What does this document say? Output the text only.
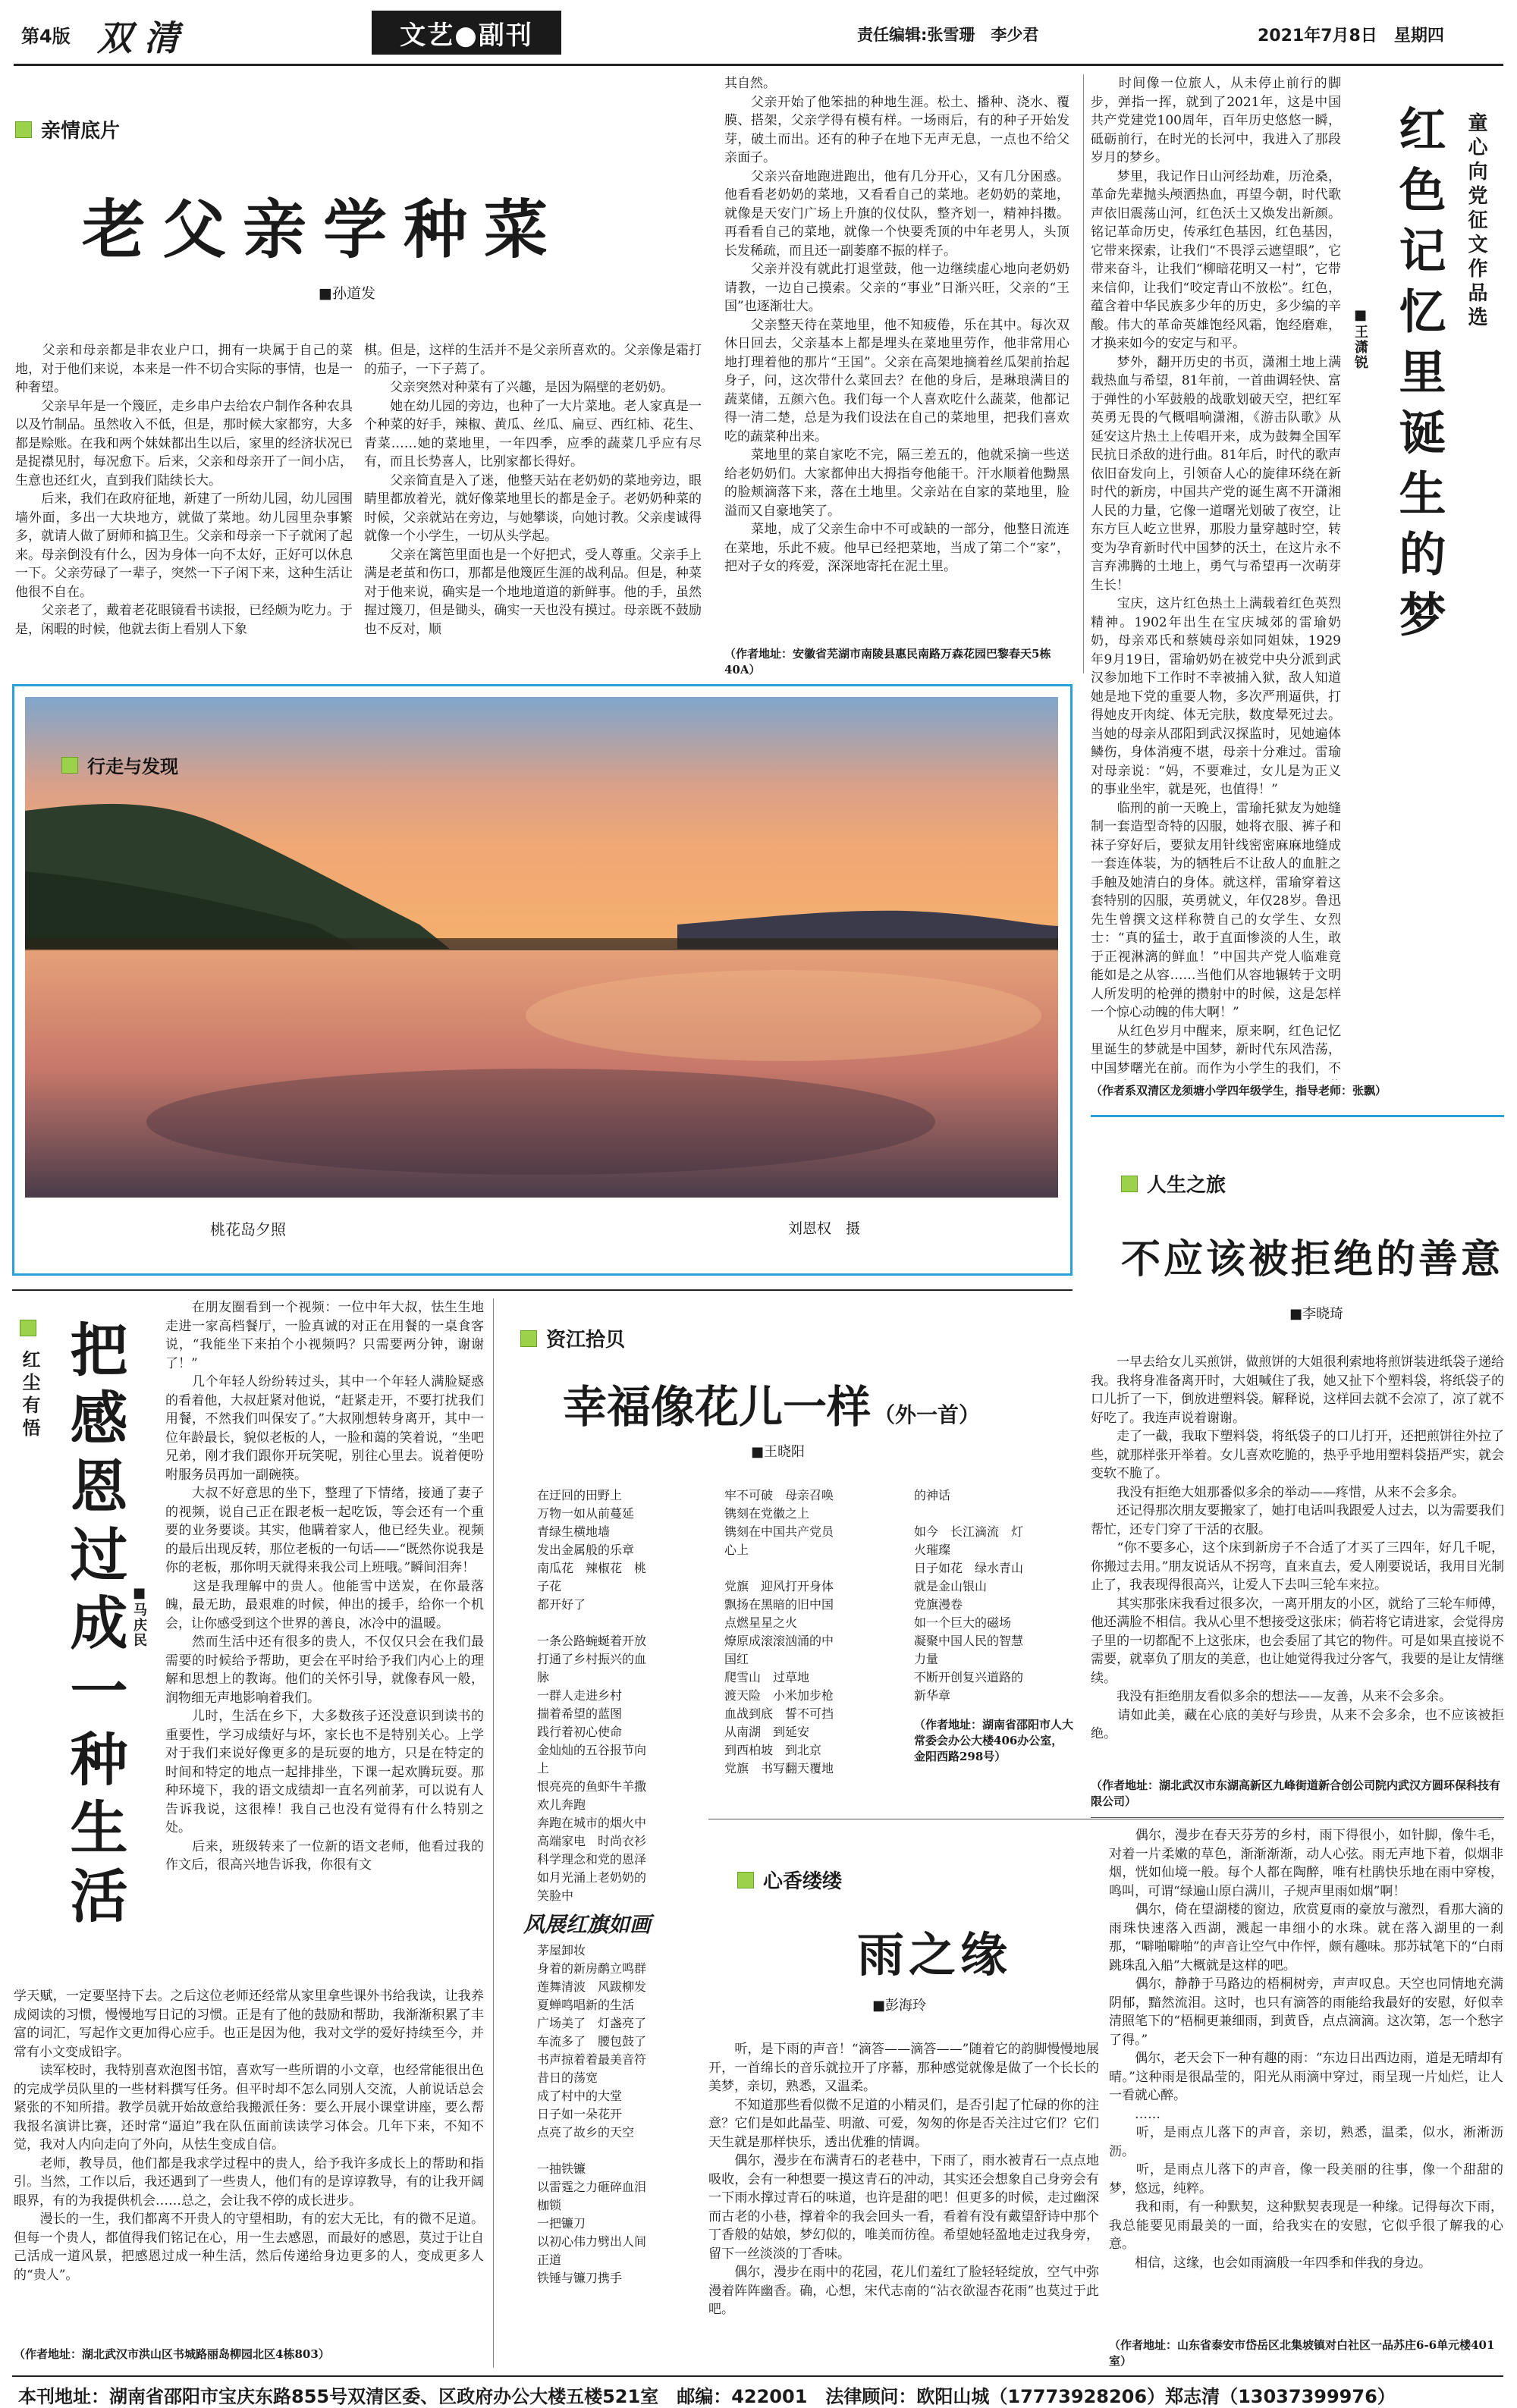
第4版 双 清	文艺●副刊	责任编辑:张雪珊　李少君	2021年7月8日　星期四
亲情底片
老父亲学种菜
■孙道发
　　父亲和母亲都是非农业户口，拥有一块属于自己的菜地，对于他们来说，本来是一件不切合实际的事情，也是一种奢望。
　　父亲早年是一个篾匠，走乡串户去给农户制作各种农具以及竹制品。虽然收入不低，但是，那时候大家都穷，大多都是赊账。在我和两个妹妹都出生以后，家里的经济状况已是捉襟见肘，每况愈下。后来，父亲和母亲开了一间小店，生意也还红火，直到我们陆续长大。
　　后来，我们在政府征地，新建了一所幼儿园，幼儿园围墙外面，多出一大块地方，就做了菜地。幼儿园里杂事繁多，就请人做了厨师和搞卫生。父亲和母亲一下子就闲了起来。母亲倒没有什么，因为身体一向不太好，正好可以休息一下。父亲劳碌了一辈子，突然一下子闲下来，这种生活让他很不自在。
　　父亲老了，戴着老花眼镜看书读报，已经颇为吃力。于是，闲暇的时候，他就去街上看别人下象
棋。但是，这样的生活并不是父亲所喜欢的。父亲像是霜打的茄子，一下子蔫了。
　　父亲突然对种菜有了兴趣，是因为隔壁的老奶奶。
　　她在幼儿园的旁边，也种了一大片菜地。老人家真是一个种菜的好手，辣椒、黄瓜、丝瓜、扁豆、西红柿、花生、青菜……她的菜地里，一年四季，应季的蔬菜几乎应有尽有，而且长势喜人，比别家都长得好。
　　父亲简直是入了迷，他整天站在老奶奶的菜地旁边，眼睛里都放着光，就好像菜地里长的都是金子。老奶奶种菜的时候，父亲就站在旁边，与她攀谈，向她讨教。父亲虔诚得就像一个小学生，一切从头学起。
　　父亲在篱笆里面也是一个好把式，受人尊重。父亲手上满是老茧和伤口，那都是他篾匠生涯的战利品。但是，种菜对于他来说，确实是一个地地道道的新鲜事。他的手，虽然握过篾刀，但是锄头，确实一天也没有摸过。母亲既不鼓励也不反对，顺
其自然。
　　父亲开始了他笨拙的种地生涯。松土、播种、浇水、覆膜、搭架，父亲学得有模有样。一场雨后，有的种子开始发芽，破土而出。还有的种子在地下无声无息，一点也不给父亲面子。
　　父亲兴奋地跑进跑出，他有几分开心，又有几分困惑。他看看老奶奶的菜地，又看看自己的菜地。老奶奶的菜地，就像是天安门广场上升旗的仪仗队，整齐划一，精神抖擞。再看看自己的菜地，就像一个快要秃顶的中年老男人，头顶长发稀疏，而且还一副萎靡不振的样子。
　　父亲并没有就此打退堂鼓，他一边继续虚心地向老奶奶请教，一边自己摸索。父亲的“事业”日渐兴旺，父亲的“王国”也逐渐壮大。
　　父亲整天待在菜地里，他不知疲倦，乐在其中。每次双休日回去，父亲基本上都是埋头在菜地里劳作，他非常用心地打理着他的那片“王国”。父亲在高架地摘着丝瓜架前抬起身子，问，这次带什么菜回去？在他的身后，是琳琅满目的蔬菜储，五颜六色。我们每一个人喜欢吃什么蔬菜，他都记得一清二楚，总是为我们设法在自己的菜地里，把我们喜欢吃的蔬菜种出来。
　　菜地里的菜自家吃不完，隔三差五的，他就采摘一些送给老奶奶们。大家都伸出大拇指夸他能干。汗水顺着他黝黑的脸颊滴落下来，落在土地里。父亲站在自家的菜地里，脸溢而又自豪地笑了。
　　菜地，成了父亲生命中不可或缺的一部分，他整日流连在菜地，乐此不疲。他早已经把菜地，当成了第二个“家”，把对子女的疼爱，深深地寄托在泥土里。
（作者地址：安徽省芜湖市南陵县惠民南路万森花园巴黎春天5栋40A）
行走与发现
桃花岛夕照	刘恩权　摄
童心向党征文作品选
红色记忆里诞生的梦
■王潇锐
　　时间像一位旅人，从未停止前行的脚步，弹指一挥，就到了2021年，这是中国共产党建党100周年，百年历史悠悠一瞬，砥砺前行，在时光的长河中，我进入了那段岁月的梦乡。
　　梦里，我记作日山河经劫难，历沧桑，革命先辈抛头颅洒热血，再望今朝，时代歌声依旧震荡山河，红色沃土又焕发出新颜。铭记革命历史，传承红色基因，红色基因，它带来探索，让我们“不畏浮云遮望眼”，它带来奋斗，让我们“柳暗花明又一村”，它带来信仰，让我们“咬定青山不放松”。红色，蕴含着中华民族多少年的历史，多少编的辛酸。伟大的革命英雄饱经风霜，饱经磨难，才换来如今的安定与和平。
　　梦外，翻开历史的书页，潇湘土地上满载热血与希望，81年前，一首曲调轻快、富于弹性的小军鼓般的战歌划破天空，把红军英勇无畏的气概唱响潇湘，《游击队歌》从延安这片热土上传唱开来，成为鼓舞全国军民抗日杀敌的进行曲。81年后，时代的歌声依旧奋发向上，引领奋人心的旋律环绕在新时代的新房，中国共产党的诞生离不开潇湘人民的力量，它像一道曙光划破了夜空，让东方巨人屹立世界，那股力量穿越时空，转变为孕育新时代中国梦的沃土，在这片永不言弃沸腾的土地上，勇气与希望再一次萌芽生长！
　　宝庆，这片红色热土上满载着红色英烈精神。1902年出生在宝庆城郊的雷瑜奶奶，母亲邓氏和蔡姨母亲如同姐妹，1929年9月19日，雷瑜奶奶在被党中央分派到武汉参加地下工作时不幸被捕入狱，敌人知道她是地下党的重要人物，多次严刑逼供，打得她皮开肉绽、体无完肤，数度晕死过去。当她的母亲从邵阳到武汉探监时，见她遍体鳞伤，身体消瘦不堪，母亲十分难过。雷瑜对母亲说：“妈，不要难过，女儿是为正义的事业坐牢，就是死，也值得！”
　　临刑的前一天晚上，雷瑜托狱友为她缝制一套造型奇特的囚服，她将衣服、裤子和袜子穿好后，要狱友用针线密密麻麻地缝成一套连体装，为的牺牲后不让敌人的血脏之手触及她清白的身体。就这样，雷瑜穿着这套特别的囚服，英勇就义，年仅28岁。鲁迅先生曾撰文这样称赞自己的女学生、女烈士：“真的猛士，敢于直面惨淡的人生，敢于正视淋漓的鲜血！”中国共产党人临难竟能如是之从容……当他们从容地辗转于文明人所发明的枪弹的攒射中的时候，这是怎样一个惊心动魄的伟大啊！”
　　从红色岁月中醒来，原来啊，红色记忆里诞生的梦就是中国梦，新时代东风浩荡，中国梦曙光在前。而作为小学生的我们，不
（作者系双清区龙须塘小学四年级学生，指导老师：张飘）
人生之旅
不应该被拒绝的善意
■李晓琦
　　一早去给女儿买煎饼，做煎饼的大姐很利索地将煎饼装进纸袋子递给我。我将身准备离开时，大姐喊住了我，她又扯下个塑料袋，将纸袋子的口儿折了一下，倒放进塑料袋。解释说，这样回去就不会凉了，凉了就不好吃了。我连声说着谢谢。
　　走了一截，我取下塑料袋，将纸袋子的口儿打开，还把煎饼往外拉了些，就那样张开举着。女儿喜欢吃脆的，热乎乎地用塑料袋捂严实，就会变软不脆了。
　　我没有拒绝大姐那番似多余的举动——疼惜，从来不会多余。
　　还记得那次朋友要搬家了，她打电话叫我跟爱人过去，以为需要我们帮忙，还专门穿了干活的衣服。
　　“你不要多心，这个床到新房子不合适了才买了三四年，好几千呢，你搬过去用。”朋友说话从不拐弯，直来直去，爱人刚要说话，我用目光制止了，我表现得很高兴，让爱人下去叫三轮车来拉。
　　其实那张床我看过很多次，一离开朋友的小区，就给了三轮车师傅，他还满脸不相信。我从心里不想接受这张床；倘若将它请进家，会觉得房子里的一切都配不上这张床，也会委屈了其它的物件。可是如果直接说不需要，就辜负了朋友的美意，也让她觉得我过分客气，我要的是让友情继续。
　　我没有拒绝朋友看似多余的想法——友善，从来不会多余。
　　请如此美，藏在心底的美好与珍贵，从来不会多余，也不应该被拒绝。
（作者地址：湖北武汉市东湖高新区九峰街道新合创公司院内武汉方圆环保科技有限公司）
红尘有悟 把感恩过成一种生活 ■马庆民
　　在朋友圈看到一个视频：一位中年大叔，怯生生地走进一家高档餐厅，一脸真诚的对正在用餐的一桌食客说，“我能坐下来拍个小视频吗？只需要两分钟，谢谢了！”
　　几个年轻人纷纷转过头，其中一个年轻人满脸疑惑的看着他，大叔赶紧对他说，“赶紧走开，不要打扰我们用餐，不然我们叫保安了。”大叔刚想转身离开，其中一位年龄最长，貌似老板的人，一脸和蔼的笑着说，“坐吧兄弟，刚才我们跟你开玩笑呢，别往心里去。说着便吩咐服务员再加一副碗筷。
　　大叔不好意思的坐下，整理了下情绪，接通了妻子的视频，说自己正在跟老板一起吃饭，等会还有一个重要的业务要谈。其实，他瞒着家人，他已经失业。视频的最后出现反转，那位老板的一句话——“既然你说我是你的老板，那你明天就得来我公司上班哦。”瞬间泪奔！
　　这是我理解中的贵人。他能雪中送炭，在你最落魄，最无助，最艰难的时候，伸出的援手，给你一个机会，让你感受到这个世界的善良，冰冷中的温暖。
　　然而生活中还有很多的贵人，不仅仅只会在我们最需要的时候给予帮助，更会在平时给予我们内心上的理解和思想上的教诲。他们的关怀引导，就像春风一般，润物细无声地影响着我们。
　　儿时，生活在乡下，大多数孩子还没意识到读书的重要性，学习成绩好与坏，家长也不是特别关心。上学对于我们来说好像更多的是玩耍的地方，只是在特定的时间和特定的地点一起排排坐，下课一起欢腾玩耍。那种环境下，我的语文成绩却一直名列前茅，可以说有人告诉我说，这很棒！我自己也没有觉得有什么特别之处。
　　后来，班级转来了一位新的语文老师，他看过我的作文后，很高兴地告诉我，你很有文
学天赋，一定要坚持下去。之后这位老师还经常从家里拿些课外书给我读，让我养成阅读的习惯，慢慢地写日记的习惯。正是有了他的鼓励和帮助，我渐渐积累了丰富的词汇，写起作文更加得心应手。也正是因为他，我对文学的爱好持续至今，并常有小文变成铅字。
　　读军校时，我特别喜欢泡图书馆，喜欢写一些所谓的小文章，也经常能很出色的完成学员队里的一些材料撰写任务。但平时却不怎么同别人交流，人前说话总会紧张的不知所措。教学员就开始故意给我搬派任务：要么开展小课堂讲座，要么帮我报名演讲比赛，还时常“逼迫”我在队伍面前读读学习体会。几年下来，不知不觉，我对人内向走向了外向，从怯生变成自信。
　　老师，教导员，他们都是我求学过程中的贵人，给予我许多成长上的帮助和指引。当然，工作以后，我还遇到了一些贵人，他们有的是谆谆教导，有的让我开阔眼界，有的为我提供机会……总之，会让我不停的成长进步。
　　漫长的一生，我们都离不开贵人的守望相助，有的宏大无比，有的微不足道。但每一个贵人，都值得我们铭记在心，用一生去感恩，而最好的感恩，莫过于让自己活成一道风景，把感恩过成一种生活，然后传递给身边更多的人，变成更多人的“贵人”。
（作者地址：湖北武汉市洪山区书城路丽岛柳园北区4栋803）
资江拾贝
幸福像花儿一样 （外一首）
■王晓阳
在迂回的田野上
万物一如从前蔓延
青绿生横地墙
发出金属般的乐章
南瓜花　辣椒花　桃
子花
都开好了

一条公路蜿蜒着开放
打通了乡村振兴的血
脉
一群人走进乡村
揣着希望的蓝图
践行着初心使命
金灿灿的五谷报节向
上
恨亮亮的鱼虾牛羊撒
欢儿奔跑
奔跑在城市的烟火中
高端家电　时尚衣衫
科学理念和党的恩泽
如月光涌上老奶奶的
笑脸中
牢不可破　母亲召唤
镌刻在党徽之上
镌刻在中国共产党员
心上

党旗　迎风打开身体
飘扬在黑暗的旧中国
点燃星星之火
燎原成滚滚汹涌的中
国红
爬雪山　过草地
渡天险　小米加步枪
血战到底　誓不可挡
从南湖　到延安
到西柏坡　到北京
党旗　书写翻天覆地
的神话

如今　长江滴流　灯
火璀璨
日子如花　绿水青山
就是金山银山
党旗漫卷
如一个巨大的磁场
凝聚中国人民的智慧
力量
不断开创复兴道路的
新华章
（作者地址：湖南省邵阳市人大常委会办公大楼406办公室，金阳西路298号）
茅屋卸妆
身着的新房鹬立鸣群
莲舞清波　风跋柳发
夏蝉鸣唱新的生活
广场美了　灯盏亮了
车流多了　腰包鼓了
书声掠着着最美音符
昔日的荡宽
成了村中的大堂
日子如一朵花开
点亮了故乡的天空

一抽铁镰
以雷霆之力砸碎血泪
枷锁
一把镰刀
以初心伟力劈出人间
正道
铁锤与镰刀携手
风展红旗如画
心香缕缕
雨之缘
■彭海玲
　　听，是下雨的声音！“滴答——滴答——”随着它的韵脚慢慢地展开，一首绵长的音乐就拉开了序幕，那种感觉就像是做了一个长长的美梦，亲切，熟悉，又温柔。
　　不知道那些看似微不足道的小精灵们，是否引起了忙碌的你的注意？它们是如此晶莹、明澈、可爱，匆匆的你是否关注过它们？它们天生就是那样快乐，透出优雅的情调。
　　偶尔，漫步在布满青石的老巷中，下雨了，雨水被青石一点点地吸收，会有一种想要一摸这青石的冲动，其实还会想象自己身旁会有一下雨水撑过青石的味道，也许是甜的吧！但更多的时候，走过幽深而古老的小巷，撑着伞的我会回头一看，看着有没有戴望舒诗中那个丁香般的姑娘，梦幻似的，唯美而彷徨。希望她轻盈地走过我身旁，留下一丝淡淡的丁香味。
　　偶尔，漫步在雨中的花园，花儿们羞红了脸轻轻绽放，空气中弥漫着阵阵幽香。确，心想，宋代志南的“沾衣欲湿杏花雨”也莫过于此吧。
　　偶尔，漫步在春天芬芳的乡村，雨下得很小，如针脚，像牛毛，对着一片柔嫩的草色，渐渐渐渐，动人心弦。雨无声地下着，似烟非烟，恍如仙境一般。每个人都在陶醉，唯有杜鹃快乐地在雨中穿梭，鸣叫，可谓“绿遍山原白满川，子规声里雨如烟”啊！
　　偶尔，倚在望湖楼的窗边，欣赏夏雨的豪放与激烈，看那大滴的雨珠快速落入西湖，溅起一串细小的水珠。就在落入湖里的一刹那，“噼啪噼啪”的声音让空气中作怦，颇有趣味。那苏轼笔下的“白雨跳珠乱入船”大概就是这样的吧。
　　偶尔，静静于马路边的梧桐树旁，声声叹息。天空也同情地充满阴郁，黯然流泪。这时，也只有滴答的雨能给我最好的安慰，好似幸清照笔下的“梧桐更兼细雨，到黄昏，点点滴滴。这次第，怎一个愁字了得。”
　　偶尔，老天会下一种有趣的雨：“东边日出西边雨，道是无晴却有晴。”这种雨是很晶莹的，阳光从雨滴中穿过，雨呈现一片灿烂，让人一看就心醉。
　　……
　　听，是雨点儿落下的声音，亲切，熟悉，温柔，似水，淅淅沥沥。
　　听，是雨点儿落下的声音，像一段美丽的往事，像一个甜甜的梦，悠远，纯粹。
　　我和雨，有一种默契，这种默契表现是一种缘。记得每次下雨，我总能要见雨最美的一面，给我实在的安慰，它似乎很了解我的心意。
　　相信，这缘，也会如雨滴般一年四季和伴我的身边。
（作者地址：山东省泰安市岱岳区北集坡镇对白社区一品苏庄6-6单元楼401室）
本刊地址：湖南省邵阳市宝庆东路855号双清区委、区政府办公大楼五楼521室　邮编：422001　法律顾问：欧阳山城（17773928206）郑志清（13037399976）
